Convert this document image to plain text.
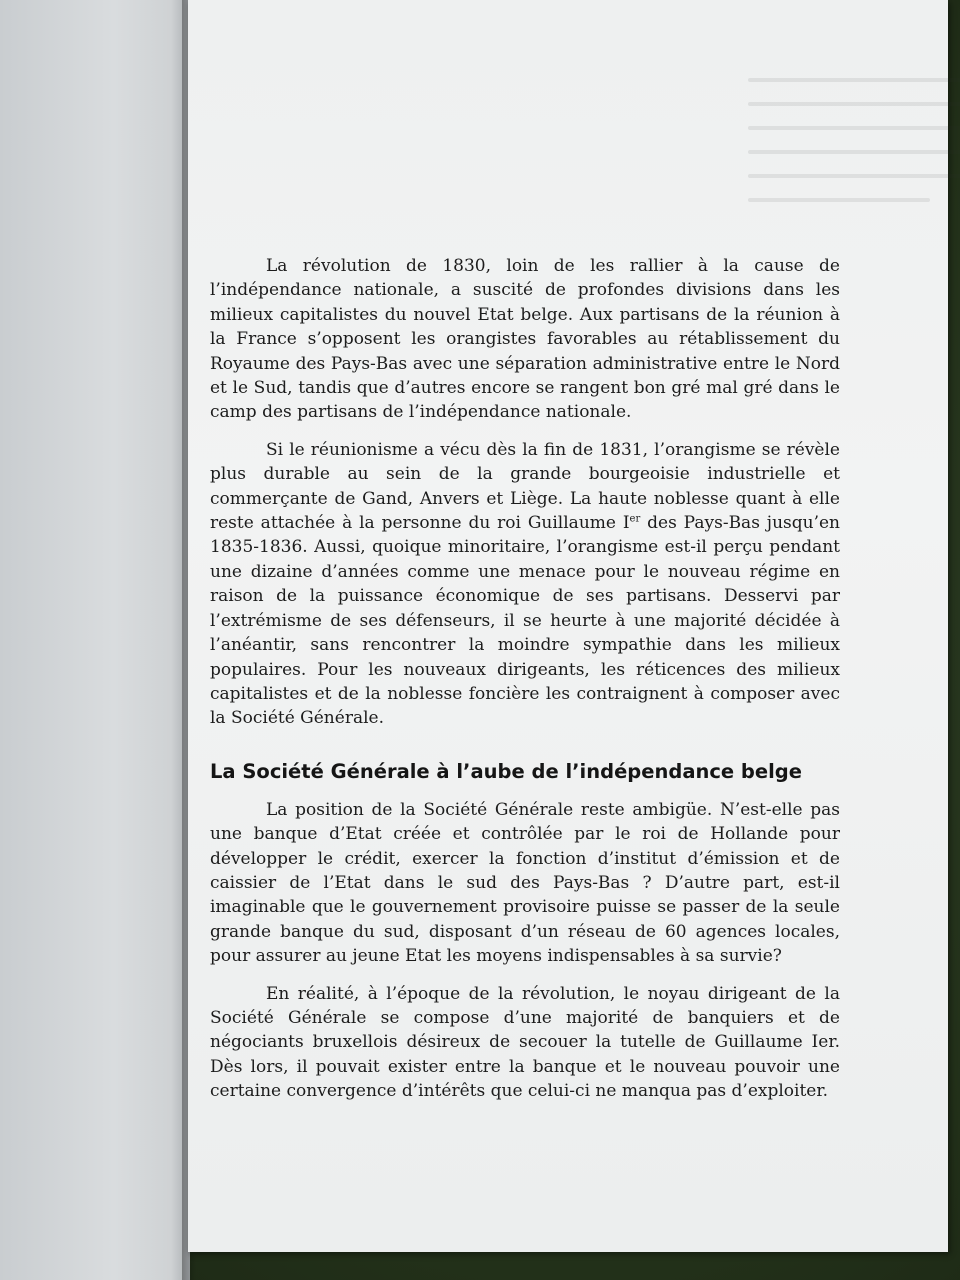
La révolution de 1830, loin de les rallier à la cause de l’indépendance nationale, a suscité de profondes divisions dans les milieux capitalistes du nouvel Etat belge. Aux partisans de la réunion à la France s’opposent les orangistes favorables au rétablissement du Royaume des Pays-Bas avec une séparation administrative entre le Nord et le Sud, tandis que d’autres encore se rangent bon gré mal gré dans le camp des partisans de l’indépendance nationale.

Si le réunionisme a vécu dès la fin de 1831, l’orangisme se révèle plus durable au sein de la grande bourgeoisie industrielle et commerçante de Gand, Anvers et Liège. La haute noblesse quant à elle reste attachée à la personne du roi Guillaume Ier des Pays-Bas jusqu’en 1835-1836. Aussi, quoique minoritaire, l’orangisme est-il perçu pendant une dizaine d’années comme une menace pour le nouveau régime en raison de la puissance économique de ses partisans. Desservi par l’extrémisme de ses défenseurs, il se heurte à une majorité décidée à l’anéantir, sans rencontrer la moindre sympathie dans les milieux populaires. Pour les nouveaux dirigeants, les réticences des milieux capitalistes et de la noblesse foncière les contraignent à composer avec la Société Générale.

La Société Générale à l’aube de l’indépendance belge

La position de la Société Générale reste ambigüe. N’est-elle pas une banque d’Etat créée et contrôlée par le roi de Hollande pour développer le crédit, exercer la fonction d’institut d’émission et de caissier de l’Etat dans le sud des Pays-Bas ? D’autre part, est-il imaginable que le gouvernement provisoire puisse se passer de la seule grande banque du sud, disposant d’un réseau de 60 agences locales, pour assurer au jeune Etat les moyens indispensables à sa survie?

En réalité, à l’époque de la révolution, le noyau dirigeant de la Société Générale se compose d’une majorité de banquiers et de négociants bruxellois désireux de secouer la tutelle de Guillaume Ier. Dès lors, il pouvait exister entre la banque et le nouveau pouvoir une certaine convergence d’intérêts que celui-ci ne manqua pas d’exploiter.
